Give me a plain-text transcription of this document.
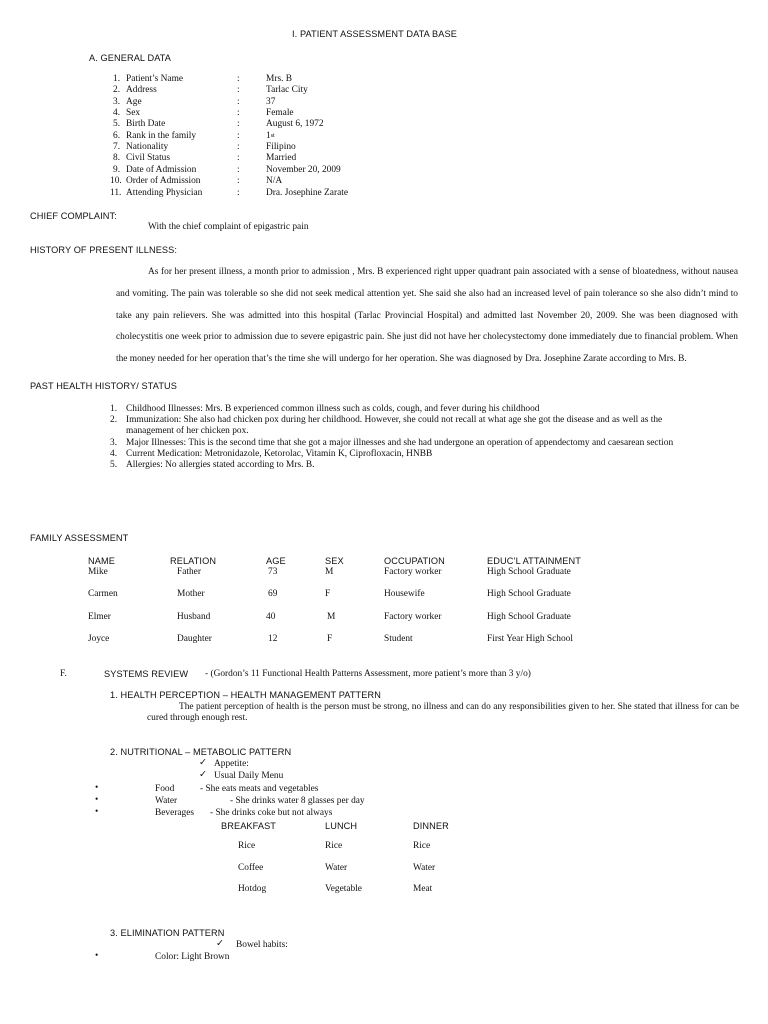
I. PATIENT ASSESSMENT DATA BASE
A. GENERAL DATA
1. Patient’s Name	:	Mrs. B
2. Address	:	Tarlac City
3. Age	:	37
4. Sex	:	Female
5. Birth Date	:	August 6, 1972
6. Rank in the family	:	1st
7. Nationality	:	Filipino
8. Civil Status	:	Married
9. Date of Admission	:	November 20, 2009
10. Order of Admission	:	N/A
11. Attending Physician	:	Dra. Josephine Zarate
CHIEF COMPLAINT:
With the chief complaint of epigastric pain
HISTORY OF PRESENT ILLNESS:
As for her present illness, a month prior to admission , Mrs. B experienced right upper quadrant pain associated with a sense of bloatedness, without nausea and vomiting. The pain was tolerable so she did not seek medical attention yet. She said she also had an increased level of pain tolerance so she also didn’t mind to take any pain relievers. She was admitted into this hospital (Tarlac Provincial Hospital) and admitted last November 20, 2009. She was been diagnosed with cholecystitis one week prior to admission due to severe epigastric pain. She just did not have her cholecystectomy done immediately due to financial problem. When the money needed for her operation that’s the time she will undergo for her operation. She was diagnosed by Dra. Josephine Zarate according to Mrs. B.
PAST HEALTH HISTORY/ STATUS
1. Childhood Illnesses: Mrs. B experienced common illness such as colds, cough, and fever during his childhood
2. Immunization: She also had chicken pox during her childhood. However, she could not recall at what age she got the disease and as well as the management of her chicken pox.
3. Major Illnesses: This is the second time that she got a major illnesses and she had undergone an operation of appendectomy and caesarean section
4. Current Medication: Metronidazole, Ketorolac, Vitamin K, Ciprofloxacin, HNBB
5. Allergies: No allergies stated according to Mrs. B.
FAMILY ASSESSMENT
NAME	RELATION	AGE	SEX	OCCUPATION	EDUC’L ATTAINMENT
Mike	Father	73	M	Factory worker	High School Graduate
Carmen	Mother	69	F	Housewife	High School Graduate
Elmer	Husband	40	M	Factory worker	High School Graduate
Joyce	Daughter	12	F	Student	First Year High School
F.	SYSTEMS REVIEW - (Gordon’s 11 Functional Health Patterns Assessment, more patient’s more than 3 y/o)
1. HEALTH PERCEPTION – HEALTH MANAGEMENT PATTERN
The patient perception of health is the person must be strong, no illness and can do any responsibilities given to her. She stated that illness for can be cured through enough rest.
2. NUTRITIONAL – METABOLIC PATTERN
✓ Appetite:
✓ Usual Daily Menu
•	Food	- She eats meats and vegetables
•	Water	- She drinks water 8 glasses per day
•	Beverages - She drinks coke but not always
BREAKFAST	LUNCH	DINNER
Rice	Rice	Rice
Coffee	Water	Water
Hotdog	Vegetable	Meat
3. ELIMINATION PATTERN
✓ Bowel habits:
•	Color: Light Brown
